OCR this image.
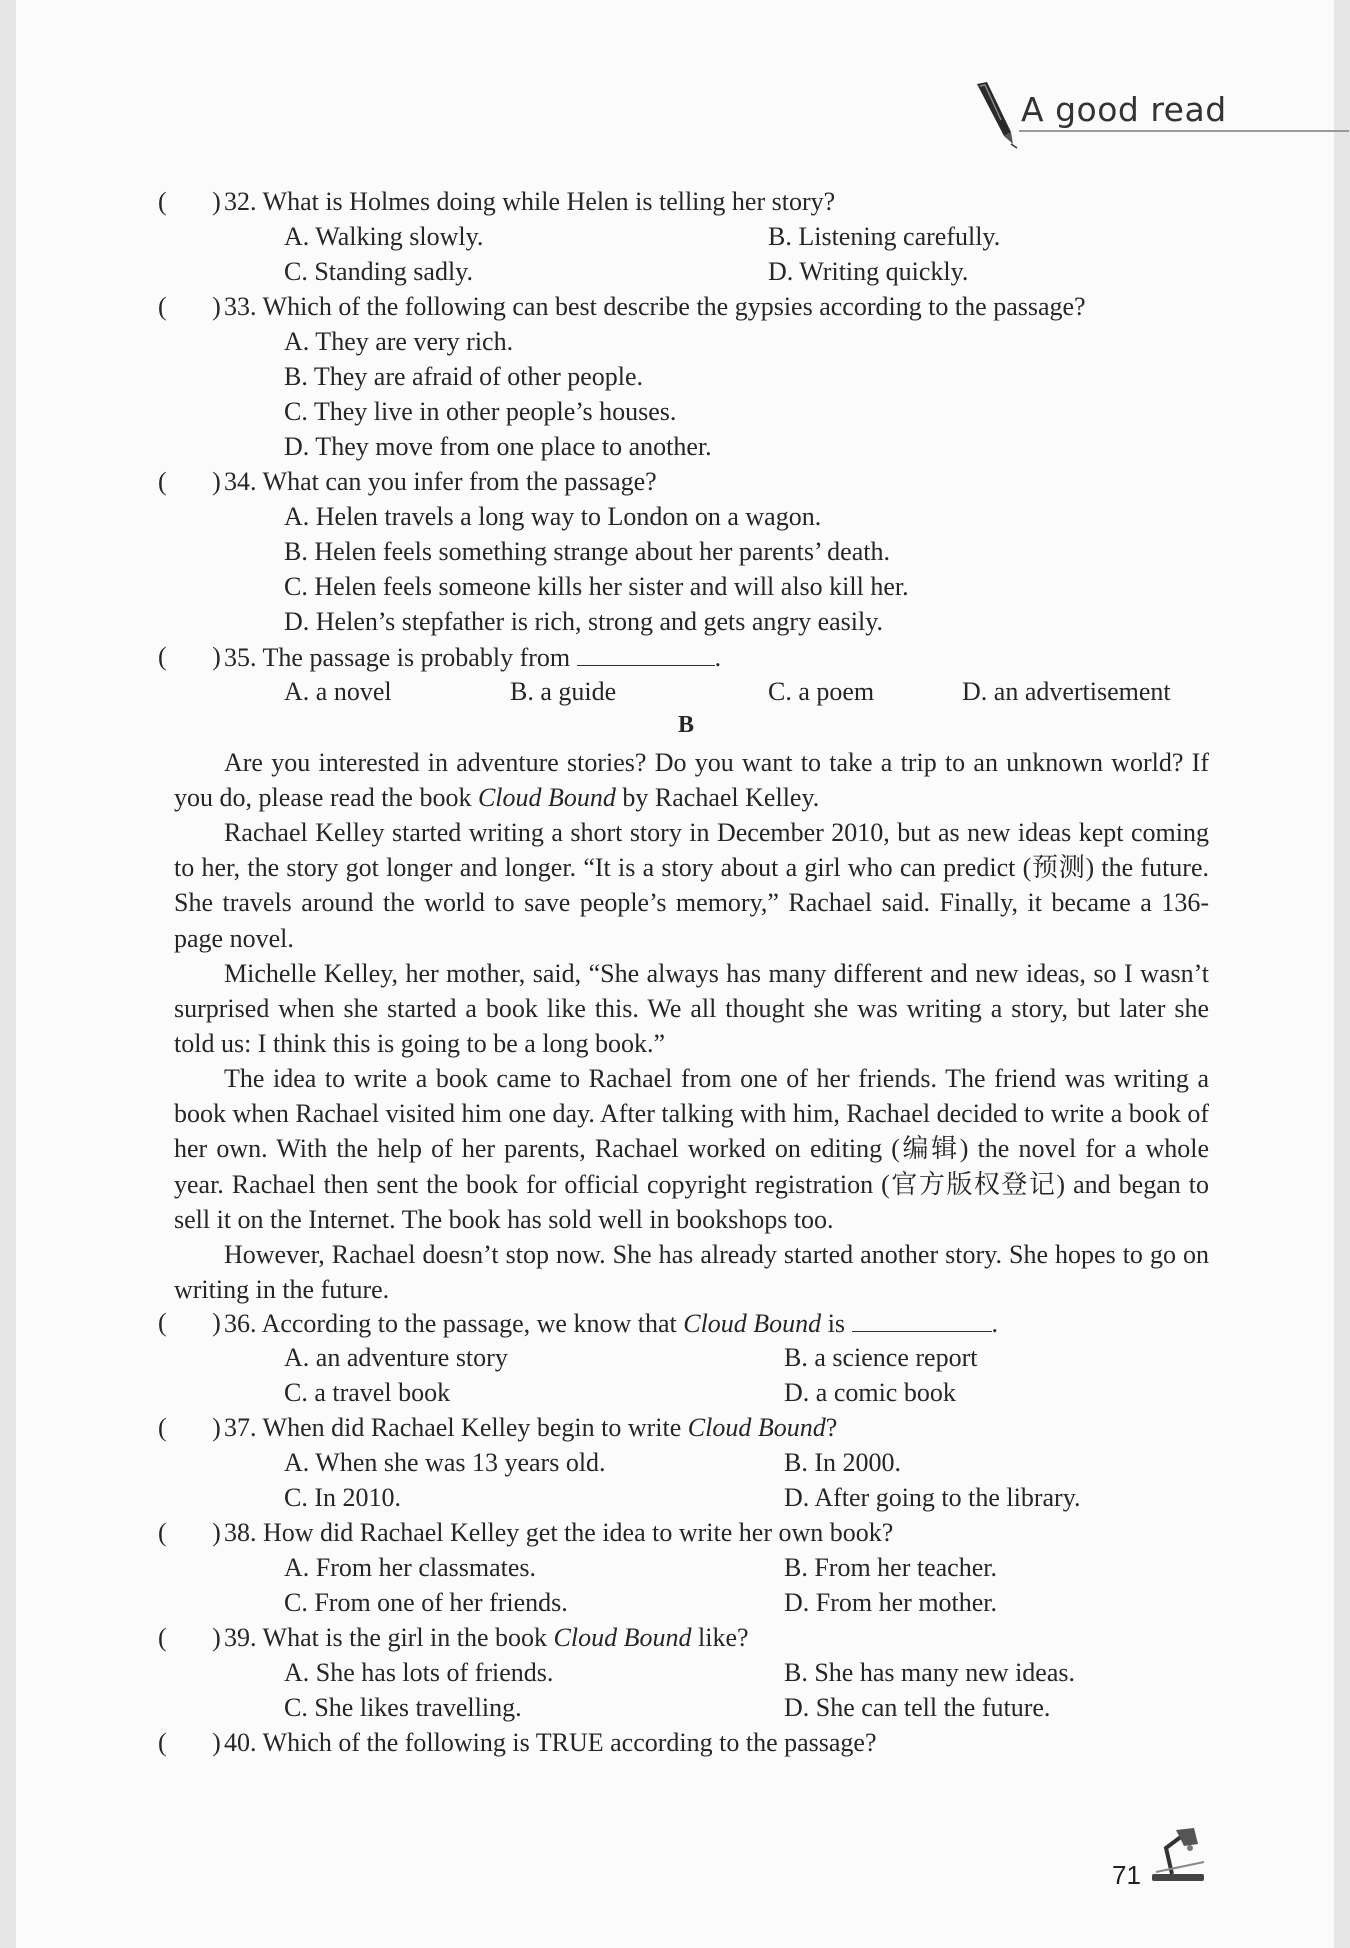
A good read
(       ) 32. What is Holmes doing while Helen is telling her story?
A. Walking slowly.	B. Listening carefully.
C. Standing sadly.	D. Writing quickly.
(       ) 33. Which of the following can best describe the gypsies according to the passage?
A. They are very rich.
B. They are afraid of other people.
C. They live in other people’s houses.
D. They move from one place to another.
(       ) 34. What can you infer from the passage?
A. Helen travels a long way to London on a wagon.
B. Helen feels something strange about her parents’ death.
C. Helen feels someone kills her sister and will also kill her.
D. Helen’s stepfather is rich, strong and gets angry easily.
(       ) 35. The passage is probably from	.
A. a novel	B. a guide	C. a poem	D. an advertisement
B
Are you interested in adventure stories? Do you want to take a trip to an unknown world? If you do, please read the book Cloud Bound by Rachael Kelley.
Rachael Kelley started writing a short story in December 2010, but as new ideas kept coming to her, the story got longer and longer. “It is a story about a girl who can predict (预测) the future. She travels around the world to save people’s memory,” Rachael said. Finally, it became a 136-page novel.
Michelle Kelley, her mother, said, “She always has many different and new ideas, so I wasn’t surprised when she started a book like this. We all thought she was writing a story, but later she told us: I think this is going to be a long book.”
The idea to write a book came to Rachael from one of her friends. The friend was writing a book when Rachael visited him one day. After talking with him, Rachael decided to write a book of her own. With the help of her parents, Rachael worked on editing (编辑) the novel for a whole year. Rachael then sent the book for official copyright registration (官方版权登记) and began to sell it on the Internet. The book has sold well in bookshops too.
However, Rachael doesn’t stop now. She has already started another story. She hopes to go on writing in the future.
(       ) 36. According to the passage, we know that Cloud Bound is	.
A. an adventure story	B. a science report
C. a travel book	D. a comic book
(       ) 37. When did Rachael Kelley begin to write Cloud Bound?
A. When she was 13 years old.	B. In 2000.
C. In 2010.	D. After going to the library.
(       ) 38. How did Rachael Kelley get the idea to write her own book?
A. From her classmates.	B. From her teacher.
C. From one of her friends.	D. From her mother.
(       ) 39. What is the girl in the book Cloud Bound like?
A. She has lots of friends.	B. She has many new ideas.
C. She likes travelling.	D. She can tell the future.
(       ) 40. Which of the following is TRUE according to the passage?
71
